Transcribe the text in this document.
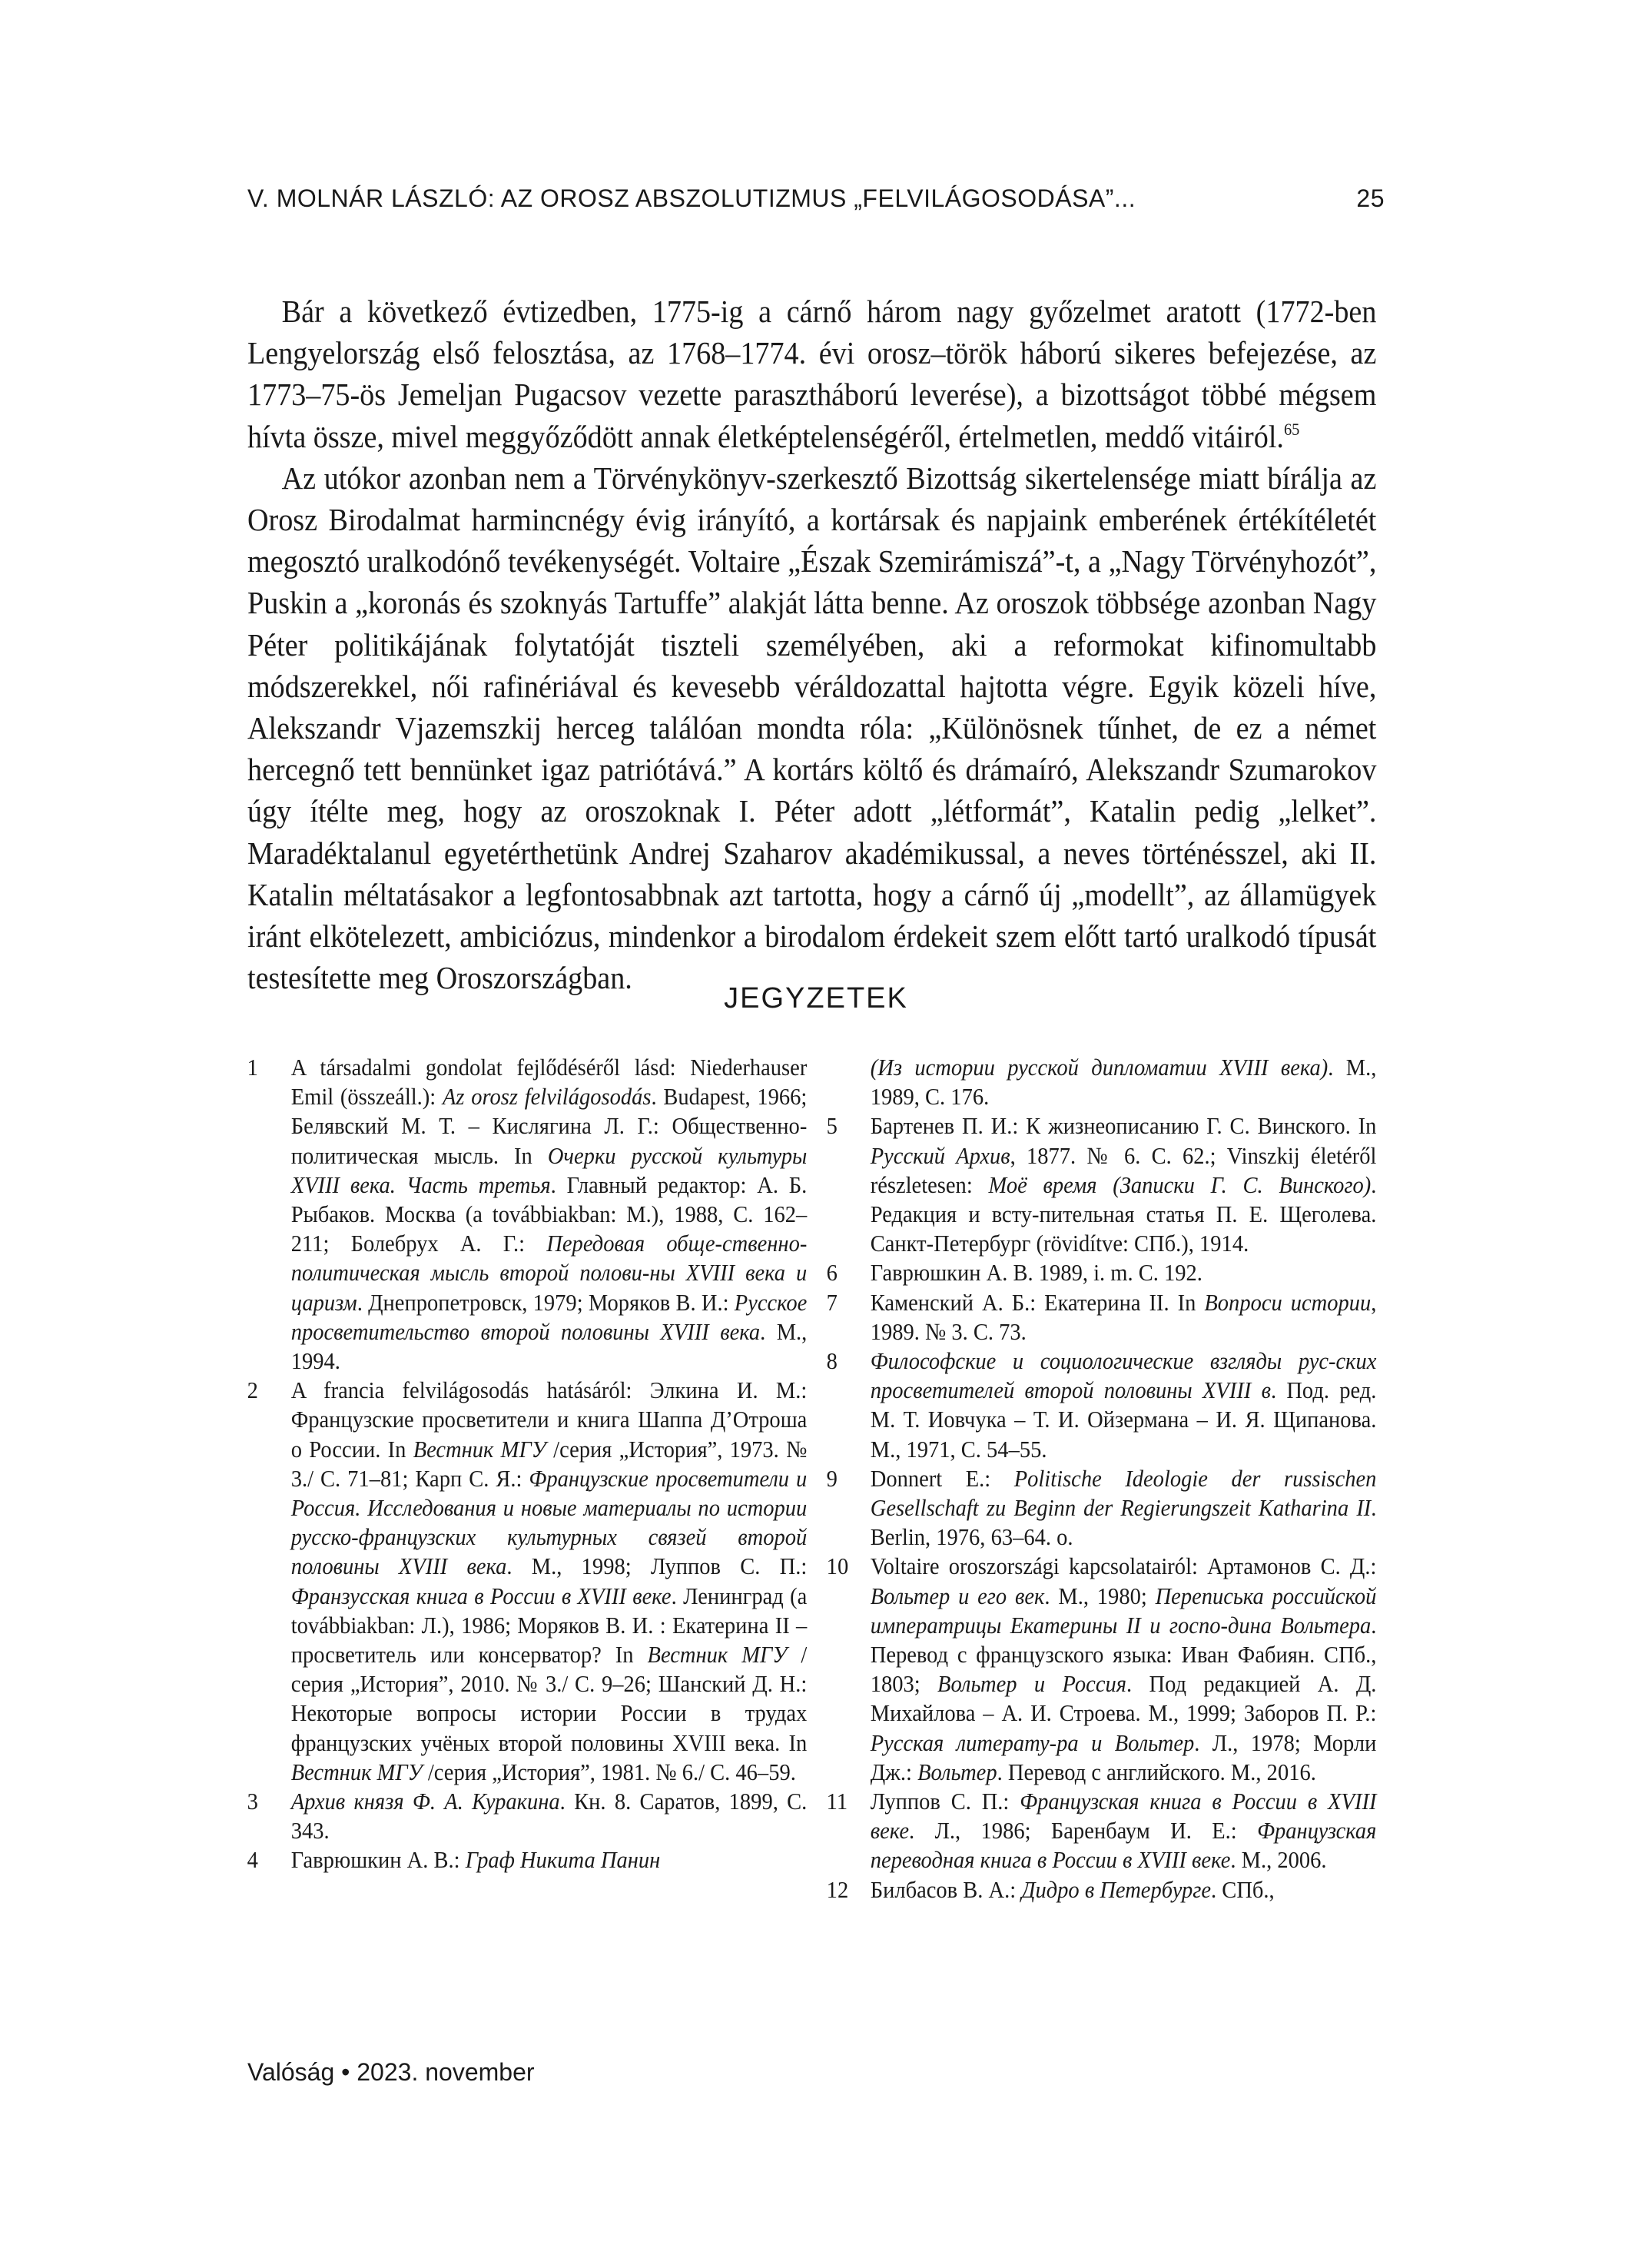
V. MOLNÁR LÁSZLÓ: AZ OROSZ ABSZOLUTIZMUS „FELVILÁGOSODÁSA”...	25

Bár a következő évtizedben, 1775-ig a cárnő három nagy győzelmet aratott (1772-ben Lengyelország első felosztása, az 1768–1774. évi orosz–török háború sikeres befejezése, az 1773–75-ös Jemeljan Pugacsov vezette parasztháború leverése), a bizottságot többé mégsem hívta össze, mivel meggyőződött annak életképtelenségéről, értelmetlen, meddő vitáiról.$^{65}$

Az utókor azonban nem a Törvénykönyv-szerkesztő Bizottság sikertelensége miatt bírálja az Orosz Birodalmat harmincnégy évig irányító, a kortársak és napjaink emberének értékítéletét megosztó uralkodónő tevékenységét. Voltaire „Észak Szemirámiszá”-t, a „Nagy Törvényhozót”, Puskin a „koronás és szoknyás Tartuffe” alakját látta benne. Az oroszok többsége azonban Nagy Péter politikájának folytatóját tiszteli személyében, aki a reformokat kifinomultabb módszerekkel, női rafinériával és kevesebb véráldozattal hajtotta végre. Egyik közeli híve, Alekszandr Vjazemszkij herceg találóan mondta róla: „Különösnek tűnhet, de ez a német hercegnő tett bennünket igaz patriótává.” A kortárs költő és drámaíró, Alekszandr Szumarokov úgy ítélte meg, hogy az oroszoknak I. Péter adott „létformát”, Katalin pedig „lelket”. Maradéktalanul egyetérthetünk Andrej Szaharov akadémikussal, a neves történésszel, aki II. Katalin méltatásakor a legfontosabbnak azt tartotta, hogy a cárnő új „modellt”, az államügyek iránt elkötelezett, ambiciózus, mindenkor a birodalom érdekeit szem előtt tartó uralkodó típusát testesítette meg Oroszországban.

JEGYZETEK
1	A társadalmi gondolat fejlődéséről lásd: Niederhauser Emil (összeáll.): Az orosz felvilágosodás. Budapest, 1966; Белявский М. Т. – Кислягина Л. Г.: Общественно-политическая мысль. In Очерки русской культуры XVIII века. Часть третья. Главный редактор: А. Б. Рыбаков. Москва (a továbbiakban: M.), 1988, С. 162–211; Болебрух А. Г.: Передовая обще-ственно-политическая мысль второй полови-ны XVIII века и царизм. Днепропетровск, 1979; Моряков В. И.: Русское просветительство второй половины XVIII века. М., 1994.
2	A francia felvilágosodás hatásáról: Элкина И. М.: Французские просветители и книга Шаппа Д’Отроша о России. In Вестник МГУ /серия „История”, 1973. № 3./ С. 71–81; Карп С. Я.: Французские просветители и Россия. Исследования и новые материалы по истории русско-французских культурных связей второй половины XVIII века. М., 1998; Луппов С. П.: Франзусская книга в России в XVIII веке. Ленинград (a továbbiakban: Л.), 1986; Моряков В. И. : Екатерина II – просветитель или консерватор? In Вестник МГУ /серия „История”, 2010. № 3./ С. 9–26; Шанский Д. Н.: Некоторые вопросы истории России в трудах французских учёных второй половины XVIII века. In Вестник МГУ /серия „История”, 1981. № 6./ С. 46–59.
3	Архив князя Ф. А. Куракина. Кн. 8. Саратов, 1899, С. 343.
4	Гаврюшкин А. В.: Граф Никита Панин
(Из истории русской дипломатии XVIII века). М., 1989, С. 176.
5	Бартенев П. И.: К жизнеописанию Г. С. Винского. In Русский Архив, 1877. № 6. С. 62.; Vinszkij életéről részletesen: Моё время (Записки Г. С. Винского). Редакция и всту-пительная статья П. Е. Щеголева. Санкт-Петербург (rövidítve: СПб.), 1914.
6	Гаврюшкин А. В. 1989, i. m. С. 192.
7	Каменский А. Б.: Екатерина II. In Вопроси истории, 1989. № 3. С. 73.
8	Философские и социологические взгляды рус-ских просветителей второй половины XVIII в. Под. ред. М. Т. Иовчука – Т. И. Ойзермана – И. Я. Щипанова. М., 1971, С. 54–55.
9	Donnert E.: Politische Ideologie der russischen Gesellschaft zu Beginn der Regierungszeit Katharina II. Berlin, 1976, 63–64. o.
10 Voltaire oroszországi kapcsolatairól: Артамонов С. Д.: Вольтер и его век. М., 1980; Переписька российской императрицы Екатерины II и госпо-дина Вольтера. Перевод с французского языка: Иван Фабиян. СПб., 1803; Вольтер и Россия. Под редакцией А. Д. Михайлова – А. И. Строева. М., 1999; Заборов П. Р.: Русская литерату-ра и Вольтер. Л., 1978; Морли Дж.: Вольтер. Перевод с английского. М., 2016.
11 Луппов С. П.: Французская книга в России в XVIII веке. Л., 1986; Баренбаум И. Е.: Французская переводная книга в России в XVIII веке. М., 2006.
12 Билбасов В. А.: Дидро в Петербурге. СПб.,
Valóság • 2023. november
